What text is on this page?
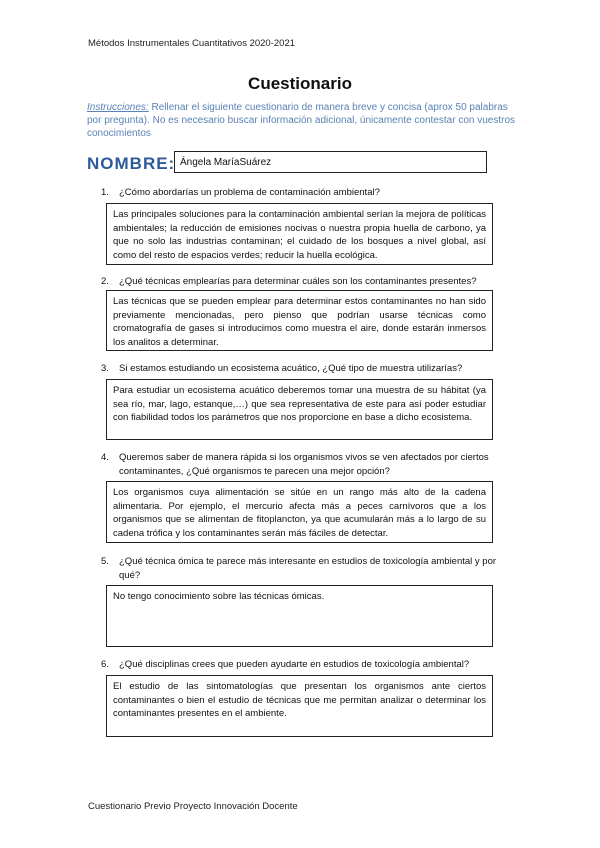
Métodos Instrumentales Cuantitativos 2020-2021
Cuestionario
Instrucciones: Rellenar el siguiente cuestionario de manera breve y concisa (aprox 50 palabras por pregunta). No es necesario buscar información adicional, únicamente contestar con vuestros conocimientos
NOMBRE: Ángela MaríaSuárez
1. ¿Cómo abordarías un problema de contaminación ambiental?
Las principales soluciones para la contaminación ambiental serían la mejora de políticas ambientales; la reducción de emisiones nocivas o nuestra propia huella de carbono, ya que no solo las industrias contaminan; el cuidado de los bosques a nivel global, así como del resto de espacios verdes; reducir la huella ecológica.
2. ¿Qué técnicas emplearías para determinar cuáles son los contaminantes presentes?
Las técnicas que se pueden emplear para determinar estos contaminantes no han sido previamente mencionadas, pero pienso que podrían usarse técnicas como cromatografía de gases si introducimos como muestra el aire, donde estarán inmersos los analitos a determinar.
3. Si estamos estudiando un ecosistema acuático, ¿Qué tipo de muestra utilizarías?
Para estudiar un ecosistema acuático deberemos tomar una muestra de su hábitat (ya sea río, mar, lago, estanque,…) que sea representativa de este para así poder estudiar con fiabilidad todos los parámetros que nos proporcione en base a dicho ecosistema.
4. Queremos saber de manera rápida si los organismos vivos se ven afectados por ciertos contaminantes, ¿Qué organismos te parecen una mejor opción?
Los organismos cuya alimentación se sitúe en un rango más alto de la cadena alimentaria. Por ejemplo, el mercurio afecta más a peces carnívoros que a los organismos que se alimentan de fitoplancton, ya que acumularán más a lo largo de su cadena trófica y los contaminantes serán más fáciles de detectar.
5. ¿Qué técnica ómica te parece más interesante en estudios de toxicología ambiental y por qué?
No tengo conocimiento sobre las técnicas ómicas.
6. ¿Qué disciplinas crees que pueden ayudarte en estudios de toxicología ambiental?
El estudio de las sintomatologías que presentan los organismos ante ciertos contaminantes o bien el estudio de técnicas que me permitan analizar o determinar los contaminantes presentes en el ambiente.
Cuestionario Previo Proyecto Innovación Docente
